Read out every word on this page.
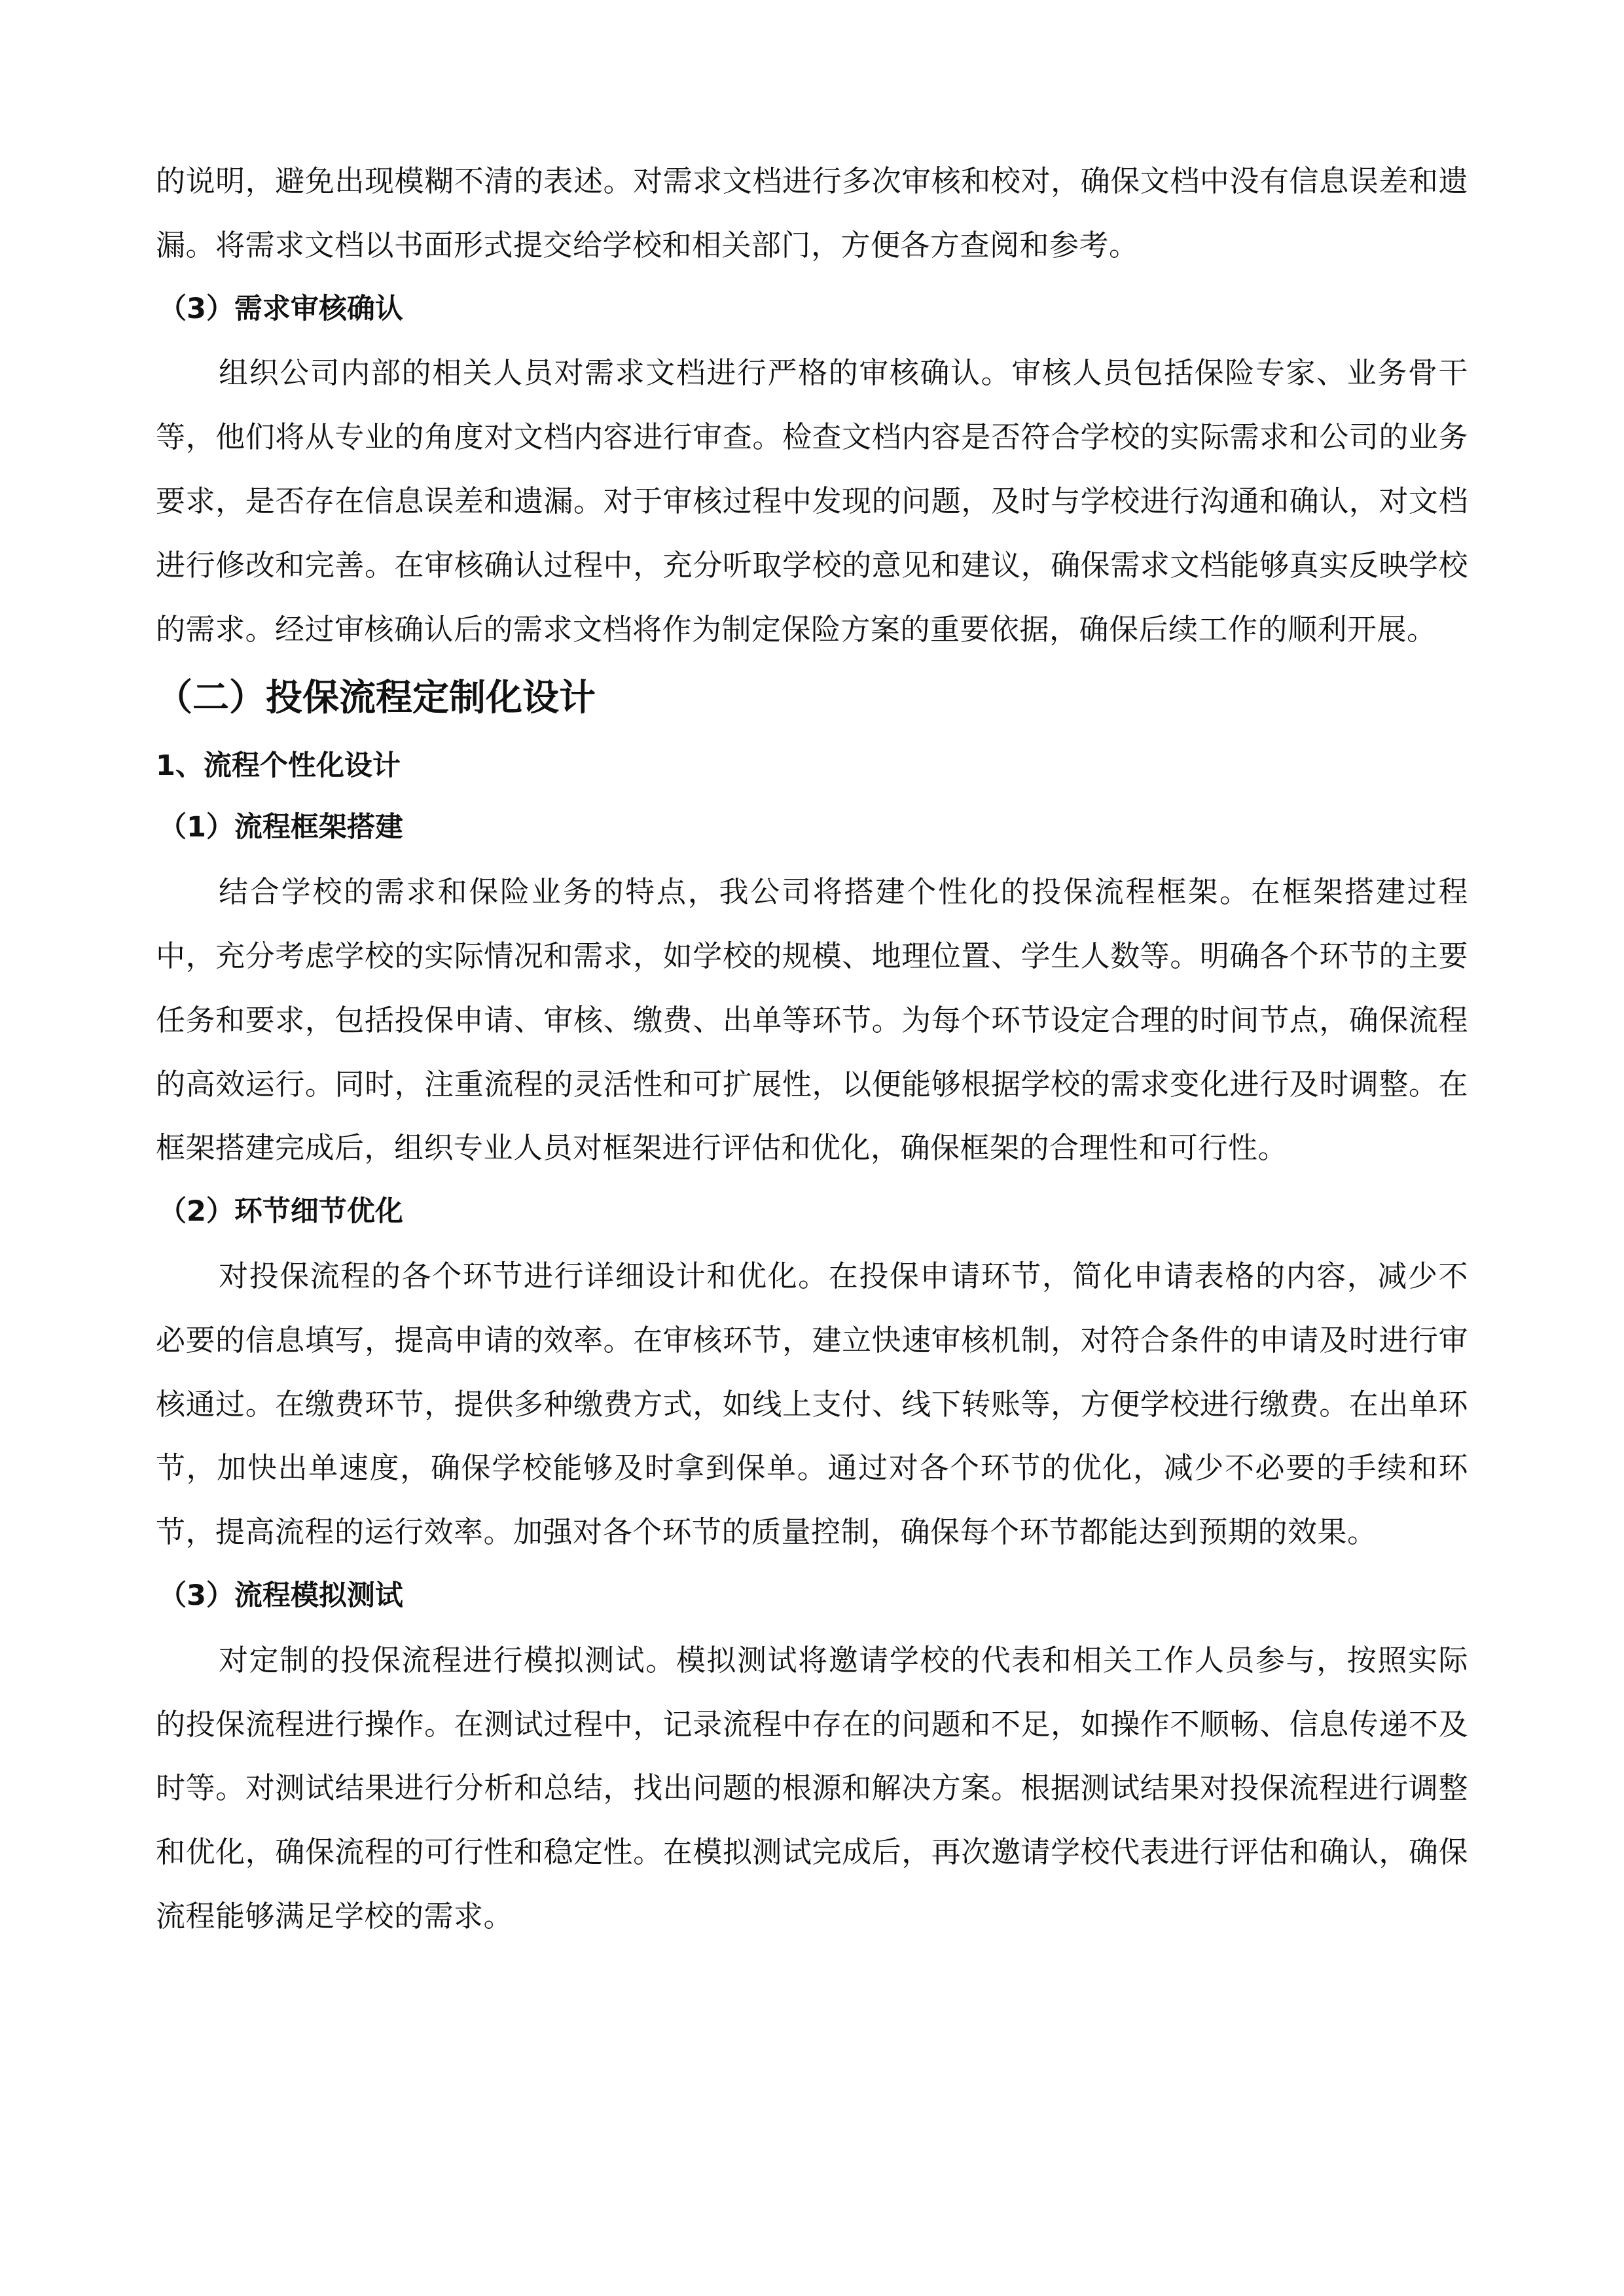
的说明，避免出现模糊不清的表述。对需求文档进行多次审核和校对，确保文档中没有信息误差和遗漏。将需求文档以书面形式提交给学校和相关部门，方便各方查阅和参考。

（3）需求审核确认

组织公司内部的相关人员对需求文档进行严格的审核确认。审核人员包括保险专家、业务骨干等，他们将从专业的角度对文档内容进行审查。检查文档内容是否符合学校的实际需求和公司的业务要求，是否存在信息误差和遗漏。对于审核过程中发现的问题，及时与学校进行沟通和确认，对文档进行修改和完善。在审核确认过程中，充分听取学校的意见和建议，确保需求文档能够真实反映学校的需求。经过审核确认后的需求文档将作为制定保险方案的重要依据，确保后续工作的顺利开展。

（二）投保流程定制化设计
1、流程个性化设计
（1）流程框架搭建

结合学校的需求和保险业务的特点，我公司将搭建个性化的投保流程框架。在框架搭建过程中，充分考虑学校的实际情况和需求，如学校的规模、地理位置、学生人数等。明确各个环节的主要任务和要求，包括投保申请、审核、缴费、出单等环节。为每个环节设定合理的时间节点，确保流程的高效运行。同时，注重流程的灵活性和可扩展性，以便能够根据学校的需求变化进行及时调整。在框架搭建完成后，组织专业人员对框架进行评估和优化，确保框架的合理性和可行性。

（2）环节细节优化

对投保流程的各个环节进行详细设计和优化。在投保申请环节，简化申请表格的内容，减少不必要的信息填写，提高申请的效率。在审核环节，建立快速审核机制，对符合条件的申请及时进行审核通过。在缴费环节，提供多种缴费方式，如线上支付、线下转账等，方便学校进行缴费。在出单环节，加快出单速度，确保学校能够及时拿到保单。通过对各个环节的优化，减少不必要的手续和环节，提高流程的运行效率。加强对各个环节的质量控制，确保每个环节都能达到预期的效果。

（3）流程模拟测试

对定制的投保流程进行模拟测试。模拟测试将邀请学校的代表和相关工作人员参与，按照实际的投保流程进行操作。在测试过程中，记录流程中存在的问题和不足，如操作不顺畅、信息传递不及时等。对测试结果进行分析和总结，找出问题的根源和解决方案。根据测试结果对投保流程进行调整和优化，确保流程的可行性和稳定性。在模拟测试完成后，再次邀请学校代表进行评估和确认，确保流程能够满足学校的需求。
